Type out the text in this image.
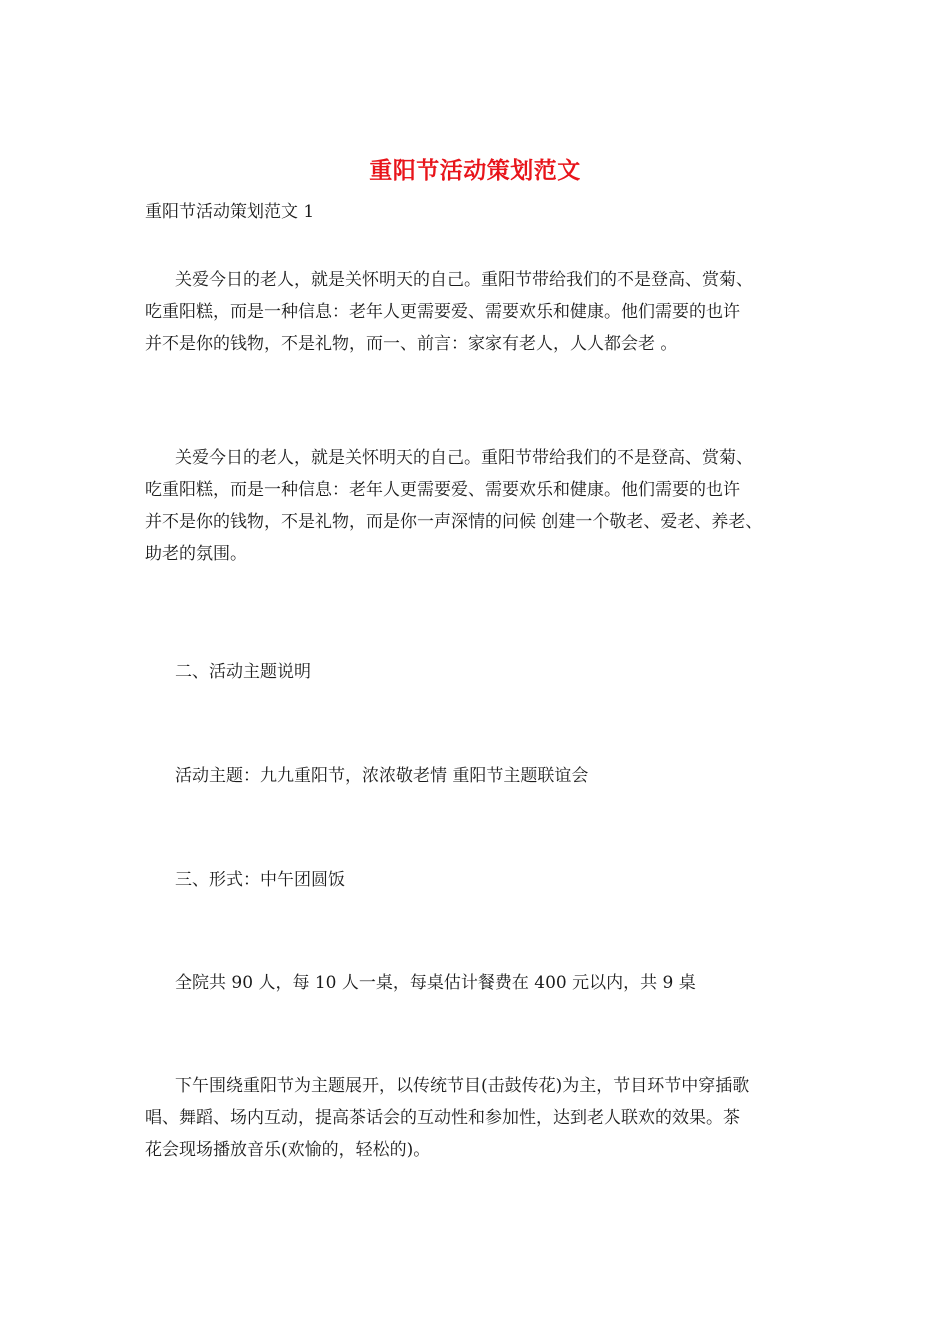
重阳节活动策划范文
重阳节活动策划范文 1
关爱今日的老人，就是关怀明天的自己。重阳节带给我们的不是登高、赏菊、
吃重阳糕，而是一种信息：老年人更需要爱、需要欢乐和健康。他们需要的也许
并不是你的钱物，不是礼物，而一、前言：家家有老人，人人都会老 。
关爱今日的老人，就是关怀明天的自己。重阳节带给我们的不是登高、赏菊、
吃重阳糕，而是一种信息：老年人更需要爱、需要欢乐和健康。他们需要的也许
并不是你的钱物，不是礼物，而是你一声深情的问候 创建一个敬老、爱老、养老、
助老的氛围。
二、活动主题说明
活动主题：九九重阳节，浓浓敬老情 重阳节主题联谊会
三、形式：中午团圆饭
全院共 90 人，每 10 人一桌，每桌估计餐费在 400 元以内，共 9 桌
下午围绕重阳节为主题展开，以传统节目(击鼓传花)为主，节目环节中穿插歌
唱、舞蹈、场内互动，提高茶话会的互动性和参加性，达到老人联欢的效果。茶
花会现场播放音乐(欢愉的，轻松的)。
